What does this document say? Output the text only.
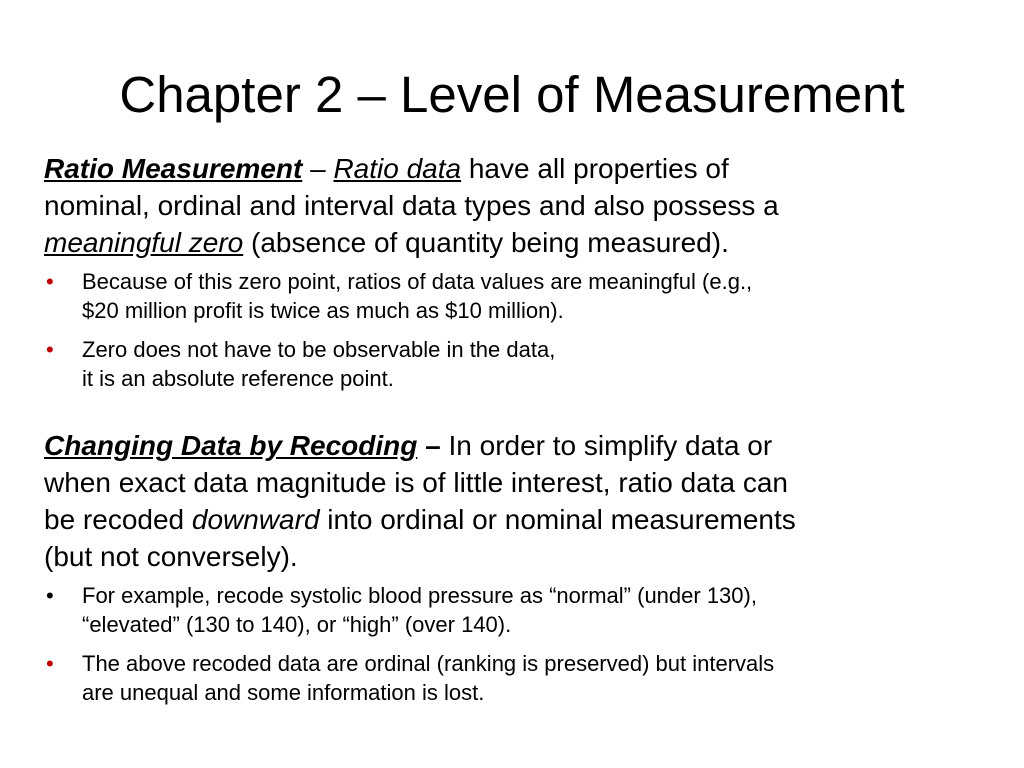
Chapter 2 – Level of Measurement

Ratio Measurement – Ratio data have all properties of
nominal, ordinal and interval data types and also possess a
meaningful zero (absence of quantity being measured).

• Because of this zero point, ratios of data values are meaningful (e.g.,
$20 million profit is twice as much as $10 million).
• Zero does not have to be observable in the data,
it is an absolute reference point.

Changing Data by Recoding – In order to simplify data or
when exact data magnitude is of little interest, ratio data can
be recoded downward into ordinal or nominal measurements
(but not conversely).

• For example, recode systolic blood pressure as “normal” (under 130),
“elevated” (130 to 140), or “high” (over 140).
• The above recoded data are ordinal (ranking is preserved) but intervals
are unequal and some information is lost.
